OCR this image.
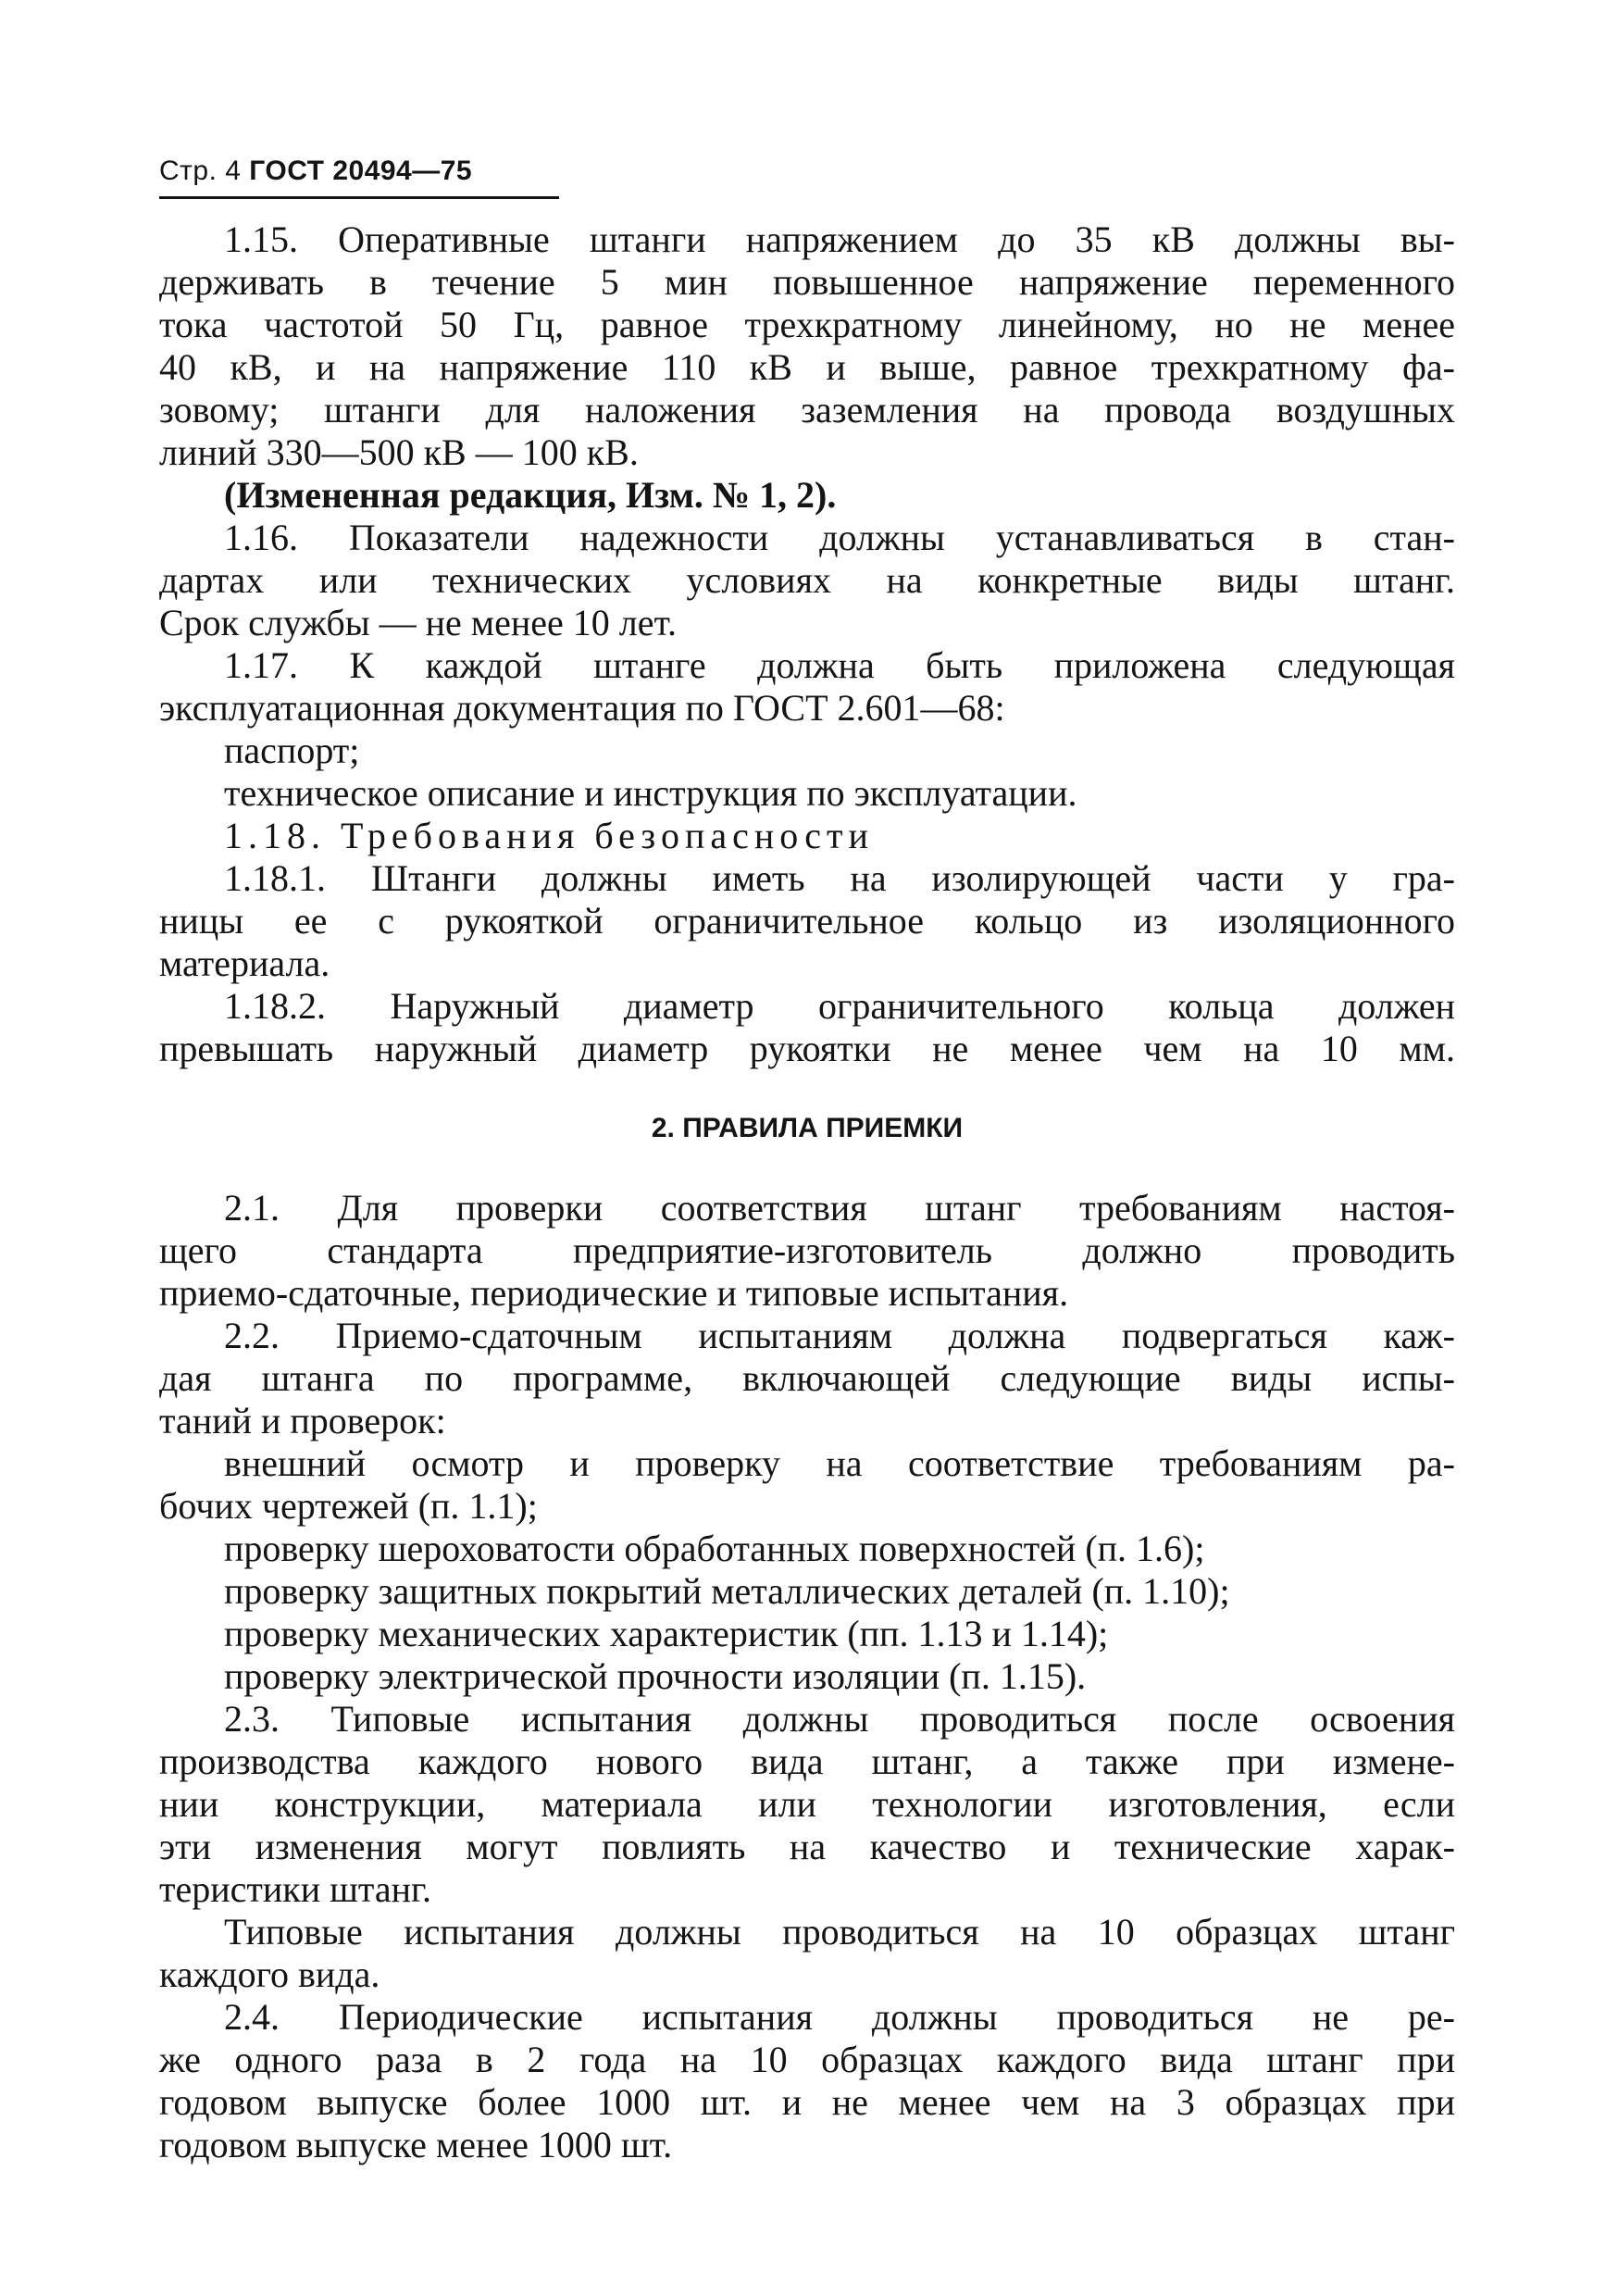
Стр. 4 ГОСТ 20494—75
1.15. Оперативные штанги напряжением до 35 кВ должны вы-
держивать в течение 5 мин повышенное напряжение переменного
тока частотой 50 Гц, равное трехкратному линейному, но не менее
40 кВ, и на напряжение 110 кВ и выше, равное трехкратному фа-
зовому; штанги для наложения заземления на провода воздушных
линий 330—500 кВ — 100 кВ.
(Измененная редакция, Изм. № 1, 2).
1.16. Показатели надежности должны устанавливаться в стан-
дартах или технических условиях на конкретные виды штанг.
Срок службы — не менее 10 лет.
1.17. К каждой штанге должна быть приложена следующая
эксплуатационная документация по ГОСТ 2.601—68:
паспорт;
техническое описание и инструкция по эксплуатации.
1.18. Требования безопасности
1.18.1. Штанги должны иметь на изолирующей части у гра-
ницы ее с рукояткой ограничительное кольцо из изоляционного
материала.
1.18.2. Наружный диаметр ограничительного кольца должен
превышать наружный диаметр рукоятки не менее чем на 10 мм.
2. ПРАВИЛА ПРИЕМКИ
2.1. Для проверки соответствия штанг требованиям настоя-
щего стандарта предприятие-изготовитель должно проводить
приемо-сдаточные, периодические и типовые испытания.
2.2. Приемо-сдаточным испытаниям должна подвергаться каж-
дая штанга по программе, включающей следующие виды испы-
таний и проверок:
внешний осмотр и проверку на соответствие требованиям ра-
бочих чертежей (п. 1.1);
проверку шероховатости обработанных поверхностей (п. 1.6);
проверку защитных покрытий металлических деталей (п. 1.10);
проверку механических характеристик (пп. 1.13 и 1.14);
проверку электрической прочности изоляции (п. 1.15).
2.3. Типовые испытания должны проводиться после освоения
производства каждого нового вида штанг, а также при измене-
нии конструкции, материала или технологии изготовления, если
эти изменения могут повлиять на качество и технические харак-
теристики штанг.
Типовые испытания должны проводиться на 10 образцах штанг
каждого вида.
2.4. Периодические испытания должны проводиться не ре-
же одного раза в 2 года на 10 образцах каждого вида штанг при
годовом выпуске более 1000 шт. и не менее чем на 3 образцах при
годовом выпуске менее 1000 шт.
